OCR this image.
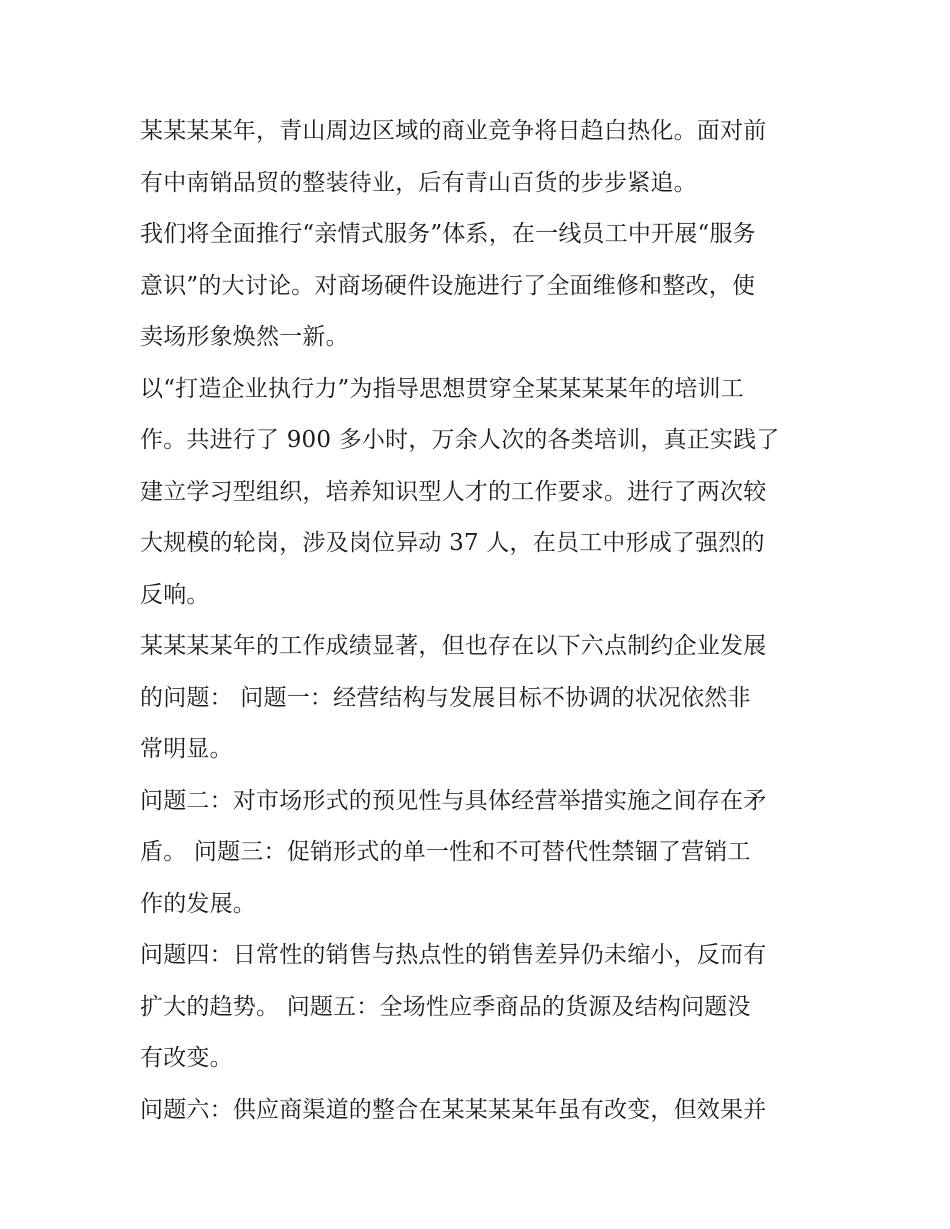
某某某某年，青山周边区域的商业竞争将日趋白热化。面对前
有中南销品贸的整装待业，后有青山百货的步步紧追。
我们将全面推行“亲情式服务”体系，在一线员工中开展“服务
意识”的大讨论。对商场硬件设施进行了全面维修和整改，使
卖场形象焕然一新。
以“打造企业执行力”为指导思想贯穿全某某某某年的培训工
作。共进行了 900 多小时，万余人次的各类培训，真正实践了
建立学习型组织，培养知识型人才的工作要求。进行了两次较
大规模的轮岗，涉及岗位异动 37 人，在员工中形成了强烈的
反响。
某某某某年的工作成绩显著，但也存在以下六点制约企业发展
的问题： 问题一：经营结构与发展目标不协调的状况依然非
常明显。
问题二：对市场形式的预见性与具体经营举措实施之间存在矛
盾。 问题三：促销形式的单一性和不可替代性禁锢了营销工
作的发展。
问题四：日常性的销售与热点性的销售差异仍未缩小，反而有
扩大的趋势。 问题五：全场性应季商品的货源及结构问题没
有改变。
问题六：供应商渠道的整合在某某某某年虽有改变，但效果并
